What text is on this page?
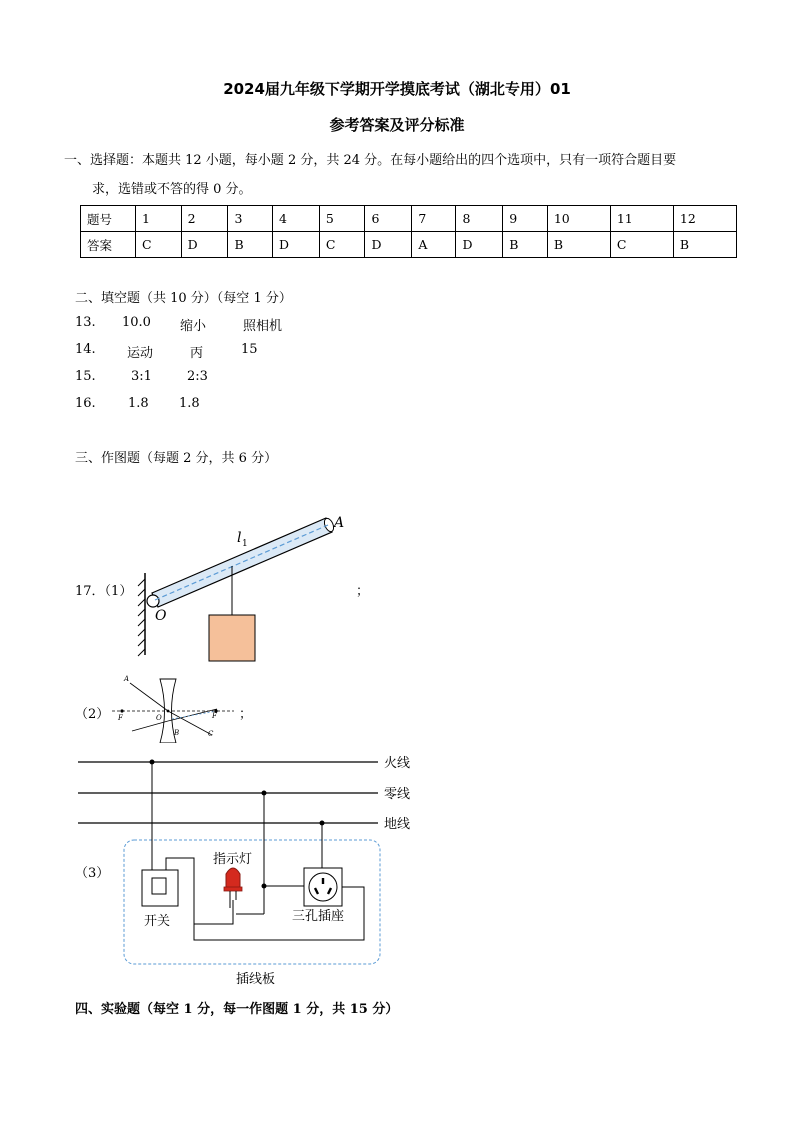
2024届九年级下学期开学摸底考试（湖北专用）01
参考答案及评分标准
一、选择题：本题共 12 小题，每小题 2 分，共 24 分。在每小题给出的四个选项中，只有一项符合题目要
求，选错或不答的得 0 分。
题号	1	2	3	4	5	6	7	8	9	10	11	12
答案	C	D	B	D	C	D	A	D	B	B	C	B
二、填空题（共 10 分）（每空 1 分）
13. 10.0 缩小	照相机
14. 运动	丙	15
15.	3:1	2:3
16. 1.8 1.8
三、作图题（每题 2 分，共 6 分）
17．（1）	；
l 1
A
O
（2）	；
A
F	O
B
F
C
（3）
火线
零线
地线
插线板
开关
指示灯
三孔插座
四、实验题（每空 1 分，每一作图题 1 分，共 15 分）
